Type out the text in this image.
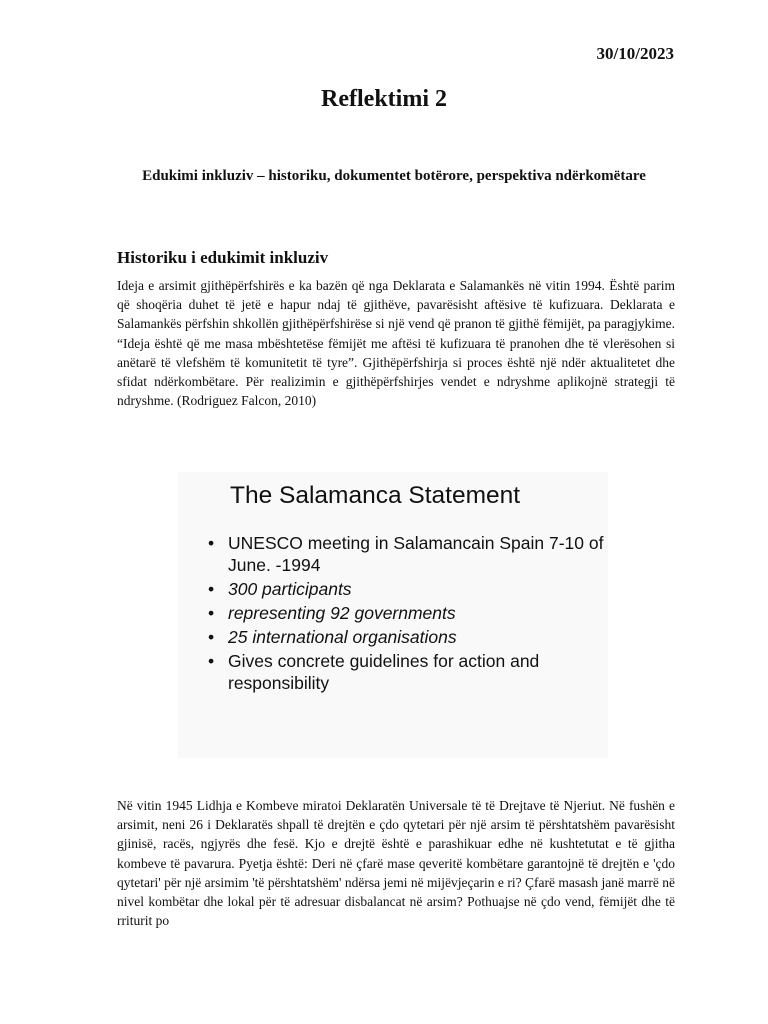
30/10/2023
Reflektimi 2
Edukimi inkluziv – historiku, dokumentet botërore, perspektiva ndërkomëtare
Historiku i edukimit inkluziv

Ideja e arsimit gjithëpërfshirës e ka bazën që nga Deklarata e Salamankës në vitin 1994. Është parim që shoqëria duhet të jetë e hapur ndaj të gjithëve, pavarësisht aftësive të kufizuara. Deklarata e Salamankës përfshin shkollën gjithëpërfshirëse si një vend që pranon të gjithë fëmijët, pa paragjykime. “Ideja është që me masa mbështetëse fëmijët me aftësi të kufizuara të pranohen dhe të vlerësohen si anëtarë të vlefshëm të komunitetit të tyre”. Gjithëpërfshirja si proces është një ndër aktualitetet dhe sfidat ndërkombëtare. Për realizimin e gjithëpërfshirjes vendet e ndryshme aplikojnë strategji të ndryshme. (Rodriguez Falcon, 2010)

The Salamanca Statement
• UNESCO meeting in Salamancain Spain 7-10 of June. -1994
• 300 participants
• representing 92 governments
• 25 international organisations
• Gives concrete guidelines for action and responsibility

Në vitin 1945 Lidhja e Kombeve miratoi Deklaratën Universale të të Drejtave të Njeriut. Në fushën e arsimit, neni 26 i Deklaratës shpall të drejtën e çdo qytetari për një arsim të përshtatshëm pavarësisht gjinisë, racës, ngjyrës dhe fesë. Kjo e drejtë është e parashikuar edhe në kushtetutat e të gjitha kombeve të pavarura. Pyetja është: Deri në çfarë mase qeveritë kombëtare garantojnë të drejtën e 'çdo qytetari' për një arsimim 'të përshtatshëm' ndërsa jemi në mijëvjeçarin e ri? Çfarë masash janë marrë në nivel kombëtar dhe lokal për të adresuar disbalancat në arsim? Pothuajse në çdo vend, fëmijët dhe të rriturit po
